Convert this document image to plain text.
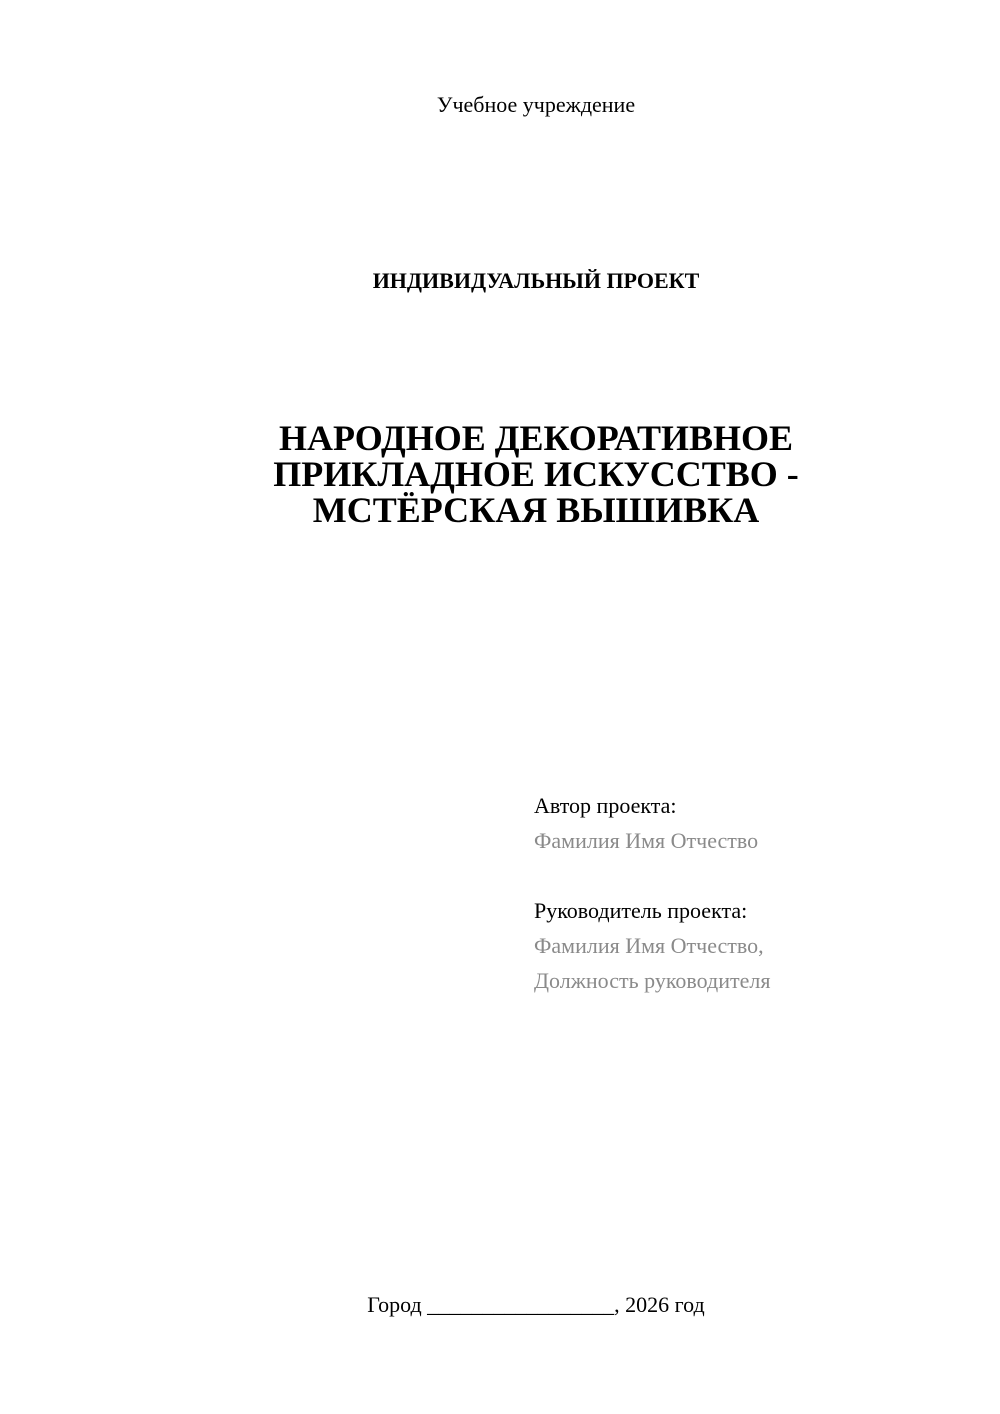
Учебное учреждение
ИНДИВИДУАЛЬНЫЙ ПРОЕКТ
НАРОДНОЕ ДЕКОРАТИВНОЕ
ПРИКЛАДНОЕ ИСКУССТВО -
МСТЁРСКАЯ ВЫШИВКА
Автор проекта:
Фамилия Имя Отчество
Руководитель проекта:
Фамилия Имя Отчество,
Должность руководителя
Город _________________, 2026 год
